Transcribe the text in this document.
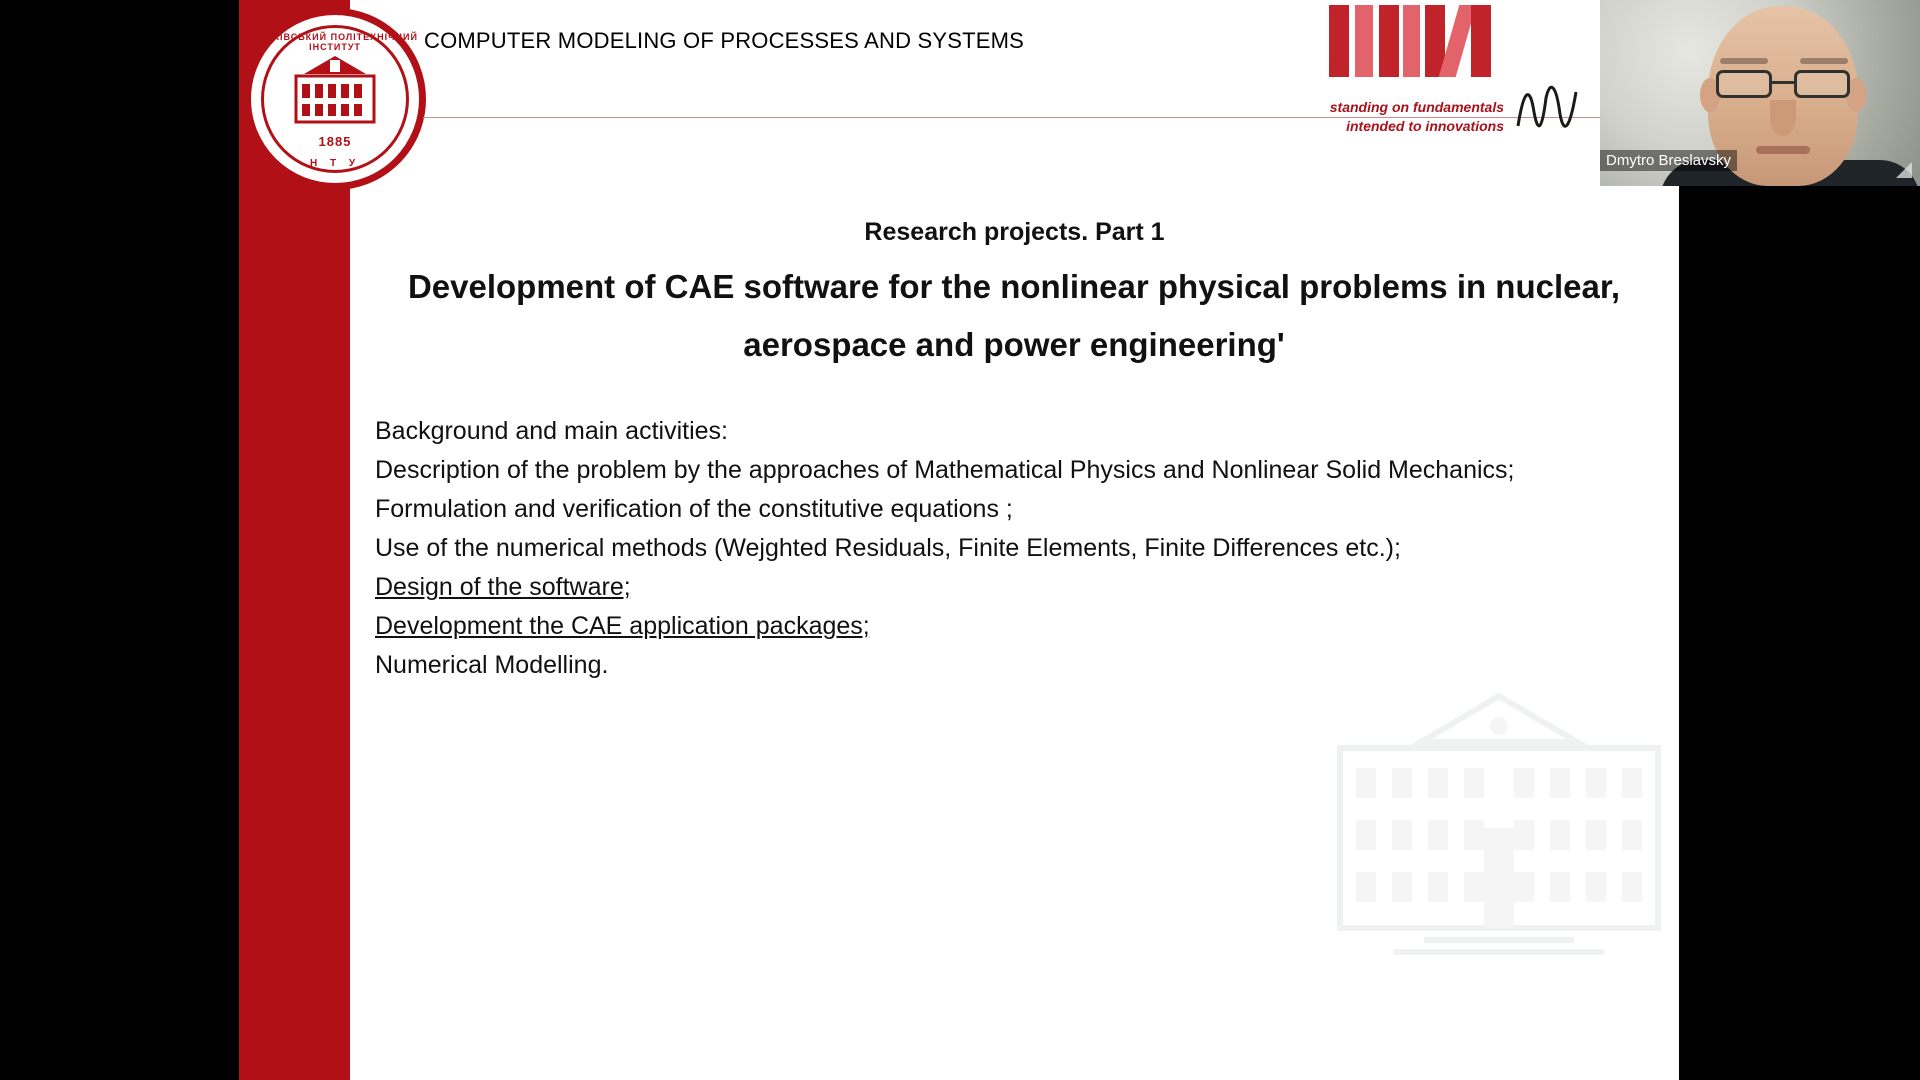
ХАРКІВСЬКИЙ ПОЛІТЕХНІЧНИЙ ІНСТИТУТ
1885
Н Т У
COMPUTER MODELING OF PROCESSES AND SYSTEMS
standing on fundamentals
intended to innovations
Research projects. Part 1
Development of CAE software for the nonlinear physical problems in nuclear, aerospace and power engineering'
Background and main activities:
Description of the problem by the approaches of Mathematical Physics and Nonlinear Solid Mechanics;
Formulation and verification of the constitutive equations ;
Use of the numerical methods (Wejghted Residuals, Finite Elements, Finite Differences etc.);
Design of the software;
Development the CAE application packages;
Numerical Modelling.
Dmytro Breslavsky
